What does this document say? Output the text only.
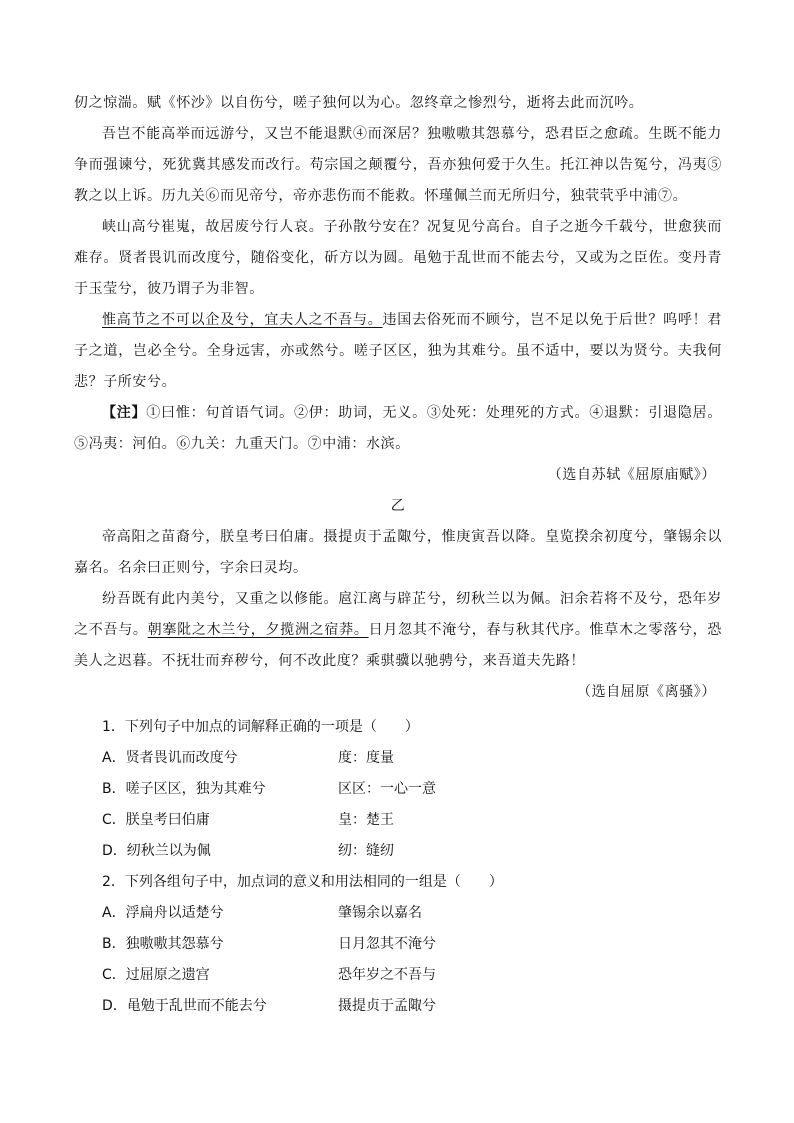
仞之惊湍。赋《怀沙》以自伤兮，嗟子独何以为心。忽终章之惨烈兮，逝将去此而沉吟。

吾岂不能高举而远游兮，又岂不能退默④而深居？独嗷嗷其怨慕兮，恐君臣之愈疏。生既不能力争而强谏兮，死犹冀其感发而改行。苟宗国之颠覆兮，吾亦独何爱于久生。托江神以告冤兮，冯夷⑤教之以上诉。历九关⑥而见帝兮，帝亦悲伤而不能救。怀瑾佩兰而无所归兮，独茕茕乎中浦⑦。

峡山高兮崔嵬，故居废兮行人哀。子孙散兮安在？况复见兮高台。自子之逝今千载兮，世愈狭而难存。贤者畏讥而改度兮，随俗变化，斫方以为圆。黾勉于乱世而不能去兮，又或为之臣佐。变丹青于玉莹兮，彼乃谓子为非智。

惟高节之不可以企及兮，宜夫人之不吾与。违国去俗死而不顾兮，岂不足以免于后世？呜呼！君子之道，岂必全兮。全身远害，亦或然兮。嗟子区区，独为其难兮。虽不适中，要以为贤兮。夫我何悲？子所安兮。

【注】①曰惟：句首语气词。②伊：助词，无义。③处死：处理死的方式。④退默：引退隐居。⑤冯夷：河伯。⑥九关：九重天门。⑦中浦：水滨。

（选自苏轼《屈原庙赋》）

乙

帝高阳之苗裔兮，朕皇考曰伯庸。摄提贞于孟陬兮，惟庚寅吾以降。皇览揆余初度兮，肇锡余以嘉名。名余曰正则兮，字余曰灵均。

纷吾既有此内美兮，又重之以修能。扈江离与辟芷兮，纫秋兰以为佩。汩余若将不及兮，恐年岁之不吾与。朝搴阰之木兰兮，夕揽洲之宿莽。日月忽其不淹兮，春与秋其代序。惟草木之零落兮，恐美人之迟暮。不抚壮而弃秽兮，何不改此度？乘骐骥以驰骋兮，来吾道夫先路！

（选自屈原《离骚》）

1．下列句子中加点的词解释正确的一项是（　　）
A．贤者畏讥而改度兮	度：度量
B．嗟子区区，独为其难兮	区区：一心一意
C．朕皇考曰伯庸	皇：楚王
D．纫秋兰以为佩	纫：缝纫
2．下列各组句子中，加点词的意义和用法相同的一组是（　　）
A．浮扁舟以适楚兮	肇锡余以嘉名
B．独嗷嗷其怨慕兮	日月忽其不淹兮
C．过屈原之遗宫	恐年岁之不吾与
D．黾勉于乱世而不能去兮	摄提贞于孟陬兮
